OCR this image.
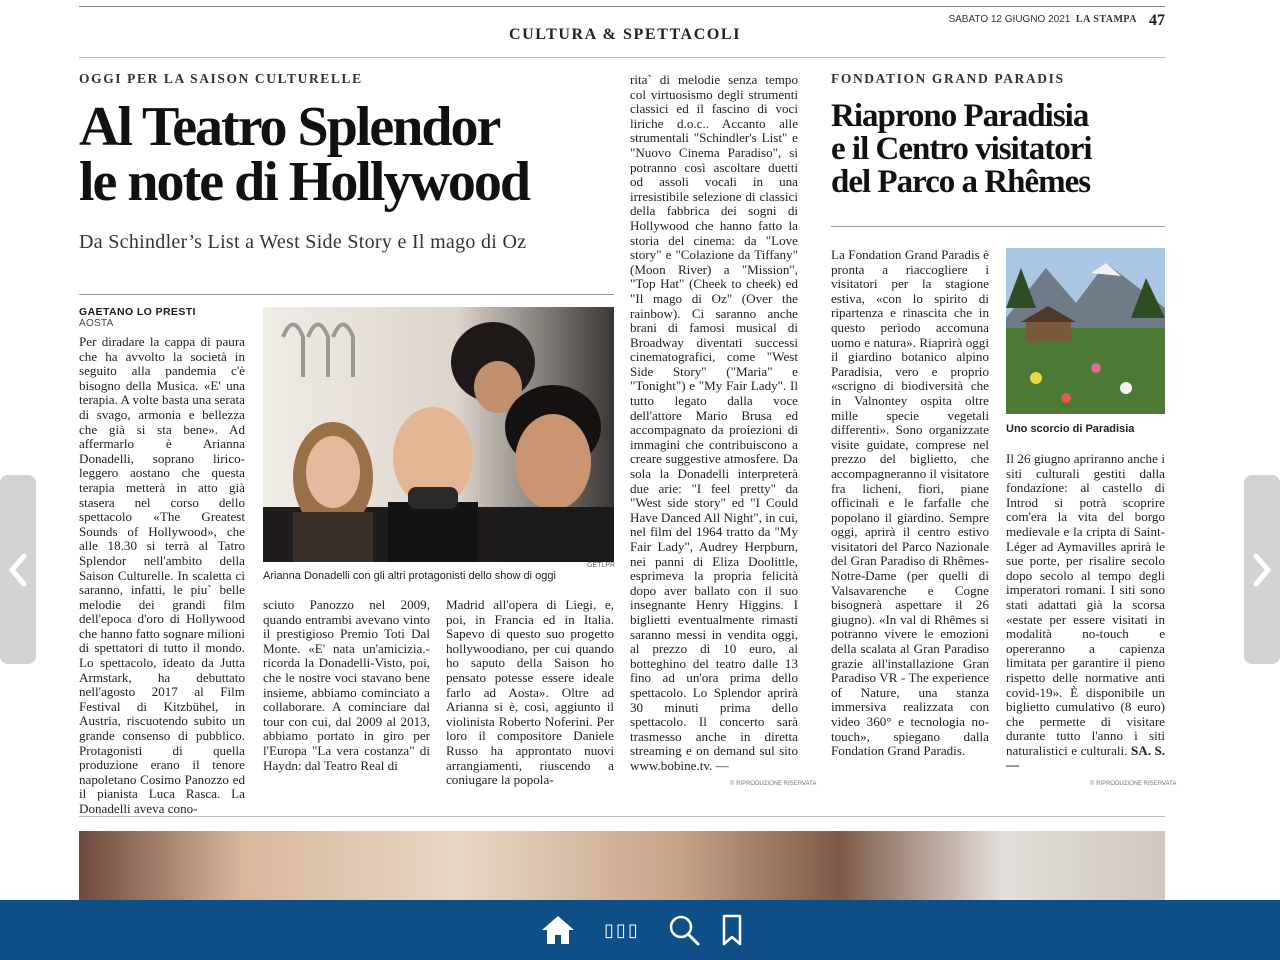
CULTURA & SPETTACOLI
SABATO 12 GIUGNO 2021 LA STAMPA 47
OGGI PER LA SAISON CULTURELLE
Al Teatro Splendor
le note di Hollywood
Da Schindler’s List a West Side Story e Il mago di Oz
GAETANO LO PRESTI
AOSTA
Per diradare la cappa di paura che ha avvolto la società in seguito alla pandemia c'è bisogno della Musica. «E' una terapia. A volte basta una serata di svago, armonia e bellezza che già si sta bene». Ad affermarlo è Arianna Donadelli, soprano lirico-leggero aostano che questa terapia metterà in atto già stasera nel corso dello spettacolo «The Greatest Sounds of Hollywood», che alle 18.30 si terrà al Tatro Splendor nell'ambito della Saison Culturelle. In scaletta ci saranno, infatti, le piu` belle melodie dei grandi film dell'epoca d'oro di Hollywood che hanno fatto sognare milioni di spettatori di tutto il mondo. Lo spettacolo, ideato da Jutta Armstark, ha debuttato nell'agosto 2017 al Film Festival di Kitzbühel, in Austria, riscuotendo subito un grande consenso di pubblico. Protagonisti di quella produzione erano il tenore napoletano Cosimo Panozzo ed il pianista Luca Rasca. La Donadelli aveva cono-
GETLPR
Arianna Donadelli con gli altri protagonisti dello show di oggi
sciuto Panozzo nel 2009, quando entrambi avevano vinto il prestigioso Premio Toti Dal Monte. «E' nata un'amicizia.- ricorda la Donadelli-Visto, poi, che le nostre voci stavano bene insieme, abbiamo cominciato a collaborare. A cominciare dal tour con cui, dal 2009 al 2013, abbiamo portato in giro per l'Europa "La vera costanza" di Haydn: dal Teatro Real di
Madrid all'opera di Liegi, e, poi, in Francia ed in Italia. Sapevo di questo suo progetto hollywoodiano, per cui quando ho saputo della Saison ho pensato potesse essere ideale farlo ad Aosta». Oltre ad Arianna si è, così, aggiunto il violinista Roberto Noferini. Per loro il compositore Daniele Russo ha approntato nuovi arrangiamenti, riuscendo a coniugare la popola-
rita` di melodie senza tempo col virtuosismo degli strumenti classici ed il fascino di voci liriche d.o.c.. Accanto alle strumentali "Schindler's List" e "Nuovo Cinema Paradiso", si potranno così ascoltare duetti od assoli vocali in una irresistibile selezione di classici della fabbrica dei sogni di Hollywood che hanno fatto la storia del cinema: da "Love story" e "Colazione da Tiffany" (Moon River) a "Mission", "Top Hat" (Cheek to cheek) ed "Il mago di Oz" (Over the rainbow). Ci saranno anche brani di famosi musical di Broadway diventati successi cinematografici, come "West Side Story" ("Maria" e "Tonight") e "My Fair Lady". Il tutto legato dalla voce dell'attore Mario Brusa ed accompagnato da proiezioni di immagini che contribuiscono a creare suggestive atmosfere. Da sola la Donadelli interpreterà due arie: "I feel pretty" da "West side story" ed "I Could Have Danced All Night", in cui, nel film del 1964 tratto da "My Fair Lady", Audrey Herpburn, nei panni di Eliza Doolittle, esprimeva la propria felicità dopo aver ballato con il suo insegnante Henry Higgins. I biglietti eventualmente rimasti saranno messi in vendita oggi, al prezzo di 10 euro, al botteghino del teatro dalle 13 fino ad un'ora prima dello spettacolo. Lo Splendor aprirà 30 minuti prima dello spettacolo. Il concerto sarà trasmesso anche in diretta streaming e on demand sul sito www.bobine.tv. —
© RIPRODUZIONE RISERVATA
FONDATION GRAND PARADIS
Riaprono Paradisia
e il Centro visitatori
del Parco a Rhêmes
La Fondation Grand Paradis è pronta a riaccogliere i visitatori per la stagione estiva, «con lo spirito di ripartenza e rinascita che in questo periodo accomuna uomo e natura». Riaprirà oggi il giardino botanico alpino Paradisia, vero e proprio «scrigno di biodiversità che in Valnontey ospita oltre mille specie vegetali differenti». Sono organizzate visite guidate, comprese nel prezzo del biglietto, che accompagneranno il visitatore fra licheni, fiori, piane officinali e le farfalle che popolano il giardino. Sempre oggi, aprirà il centro estivo visitatori del Parco Nazionale del Gran Paradiso di Rhêmes-Notre-Dame (per quelli di Valsavarenche e Cogne bisognerà aspettare il 26 giugno). «In val di Rhêmes si potranno vivere le emozioni della scalata al Gran Paradiso grazie all'installazione Gran Paradiso VR - The experience of Nature, una stanza immersiva realizzata con video 360° e tecnologia no-touch», spiegano dalla Fondation Grand Paradis.
Uno scorcio di Paradisia
Il 26 giugno apriranno anche i siti culturali gestiti dalla fondazione: al castello di Introd si potrà scoprire com'era la vita del borgo medievale e la cripta di Saint-Léger ad Aymavilles aprirà le sue porte, per risalire secolo dopo secolo al tempo degli imperatori romani. I siti sono stati adattati già la scorsa «estate per essere visitati in modalità no-touch e opereranno a capienza limitata per garantire il pieno rispetto delle normative anti covid-19». È disponibile un biglietto cumulativo (8 euro) che permette di visitare durante tutto l'anno i siti naturalistici e culturali. SA. S. —
© RIPRODUZIONE RISERVATA
▯▯▯
